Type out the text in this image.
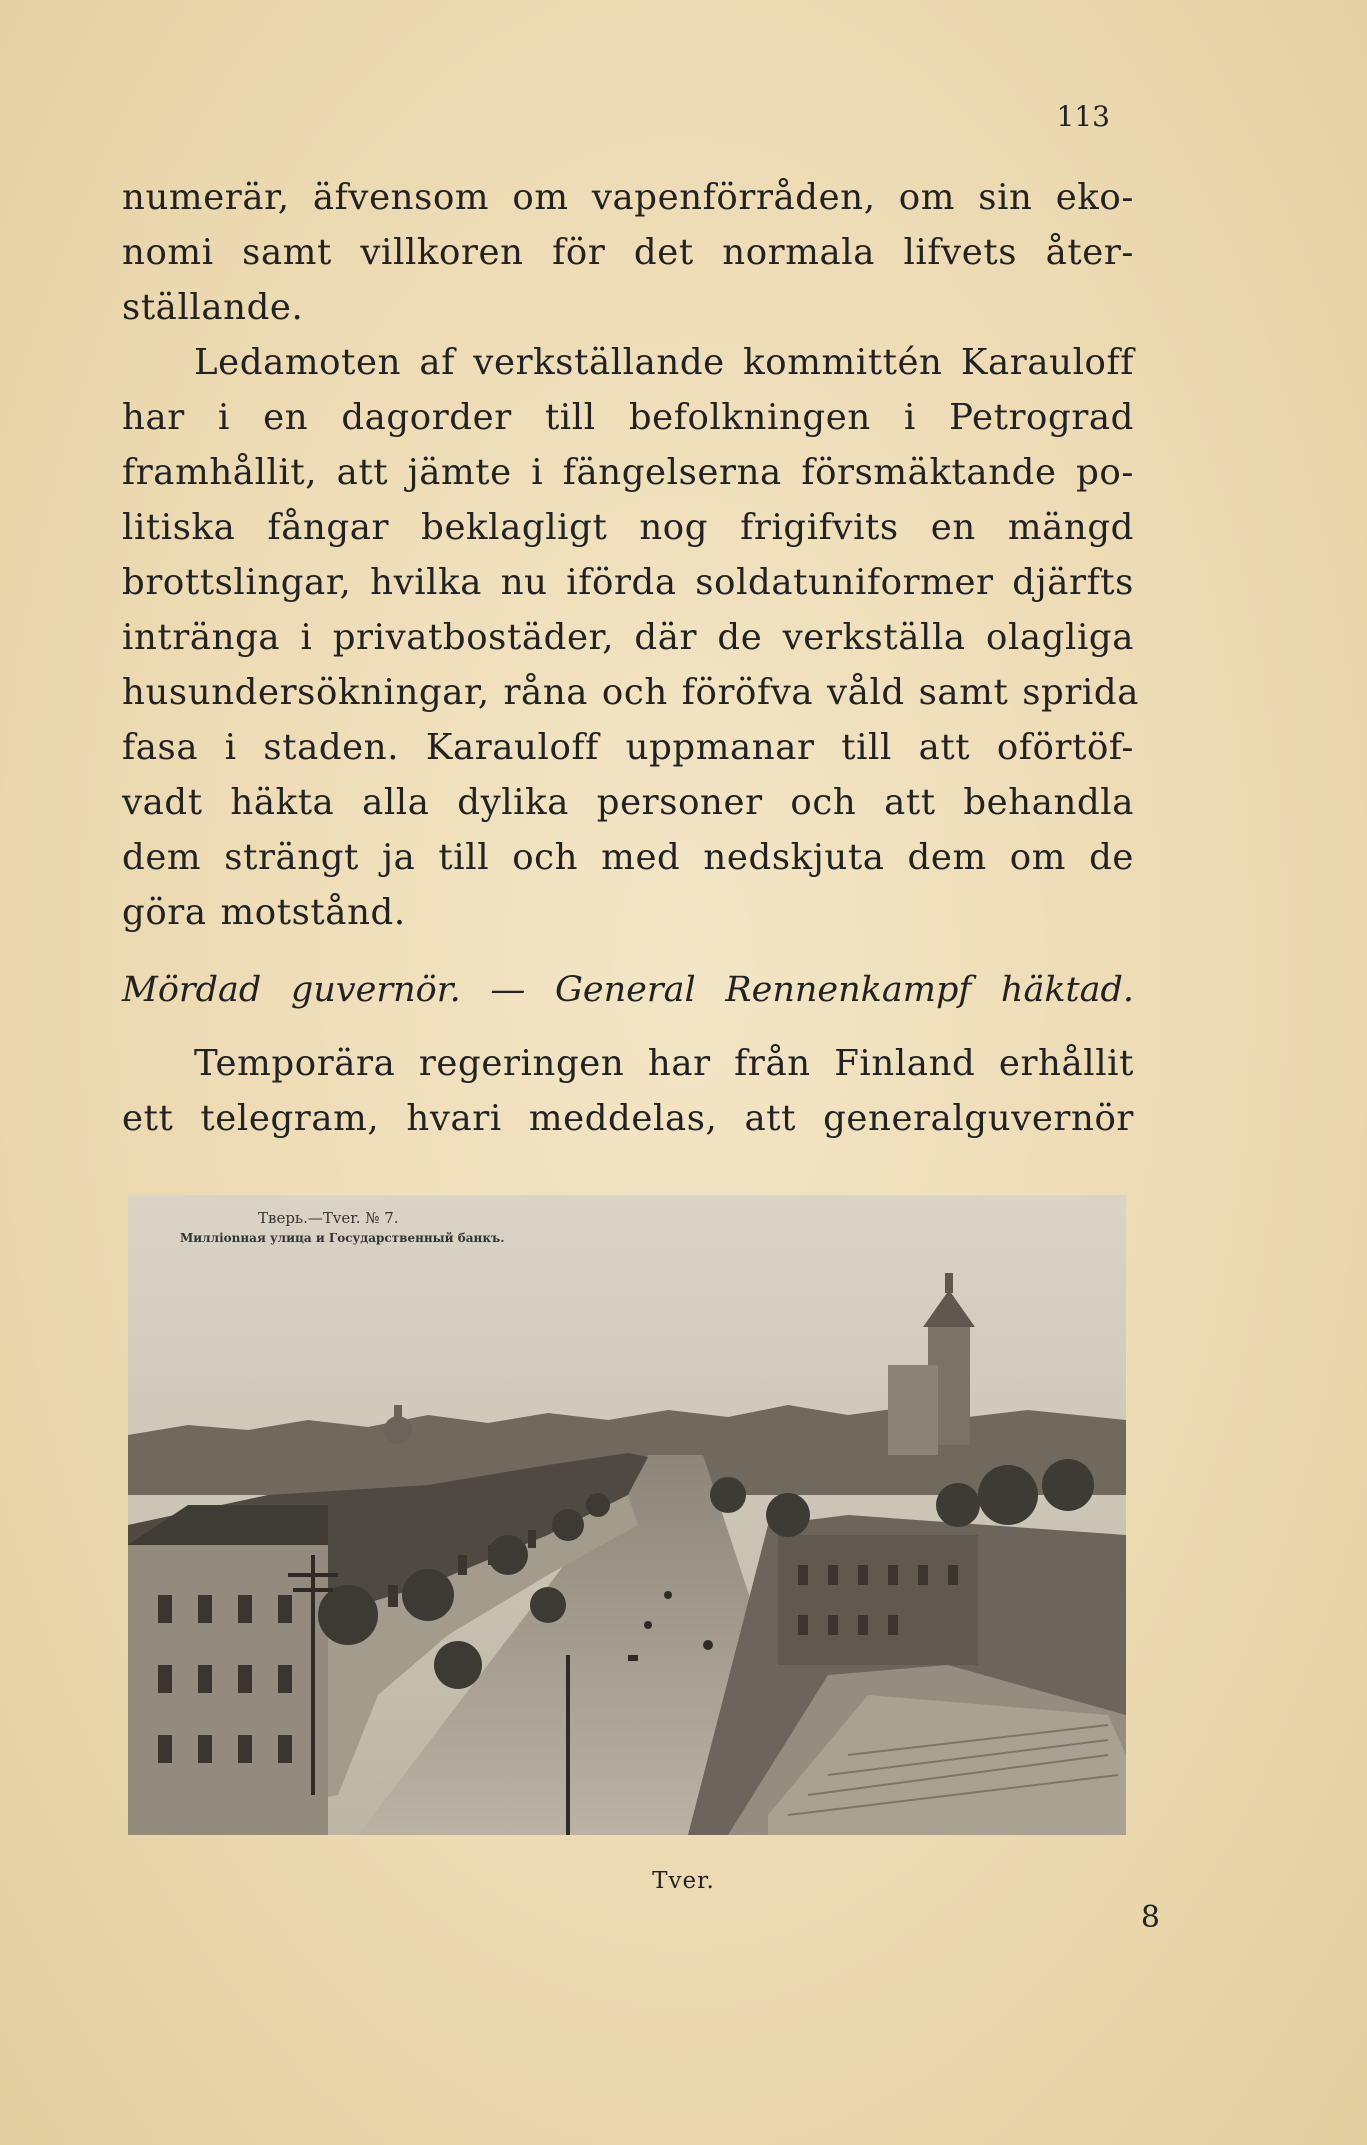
113
numerär, äfvensom om vapenförråden, om sin eko-
nomi samt villkoren för det normala lifvets åter-
ställande.
Ledamoten af verkställande kommittén Karauloff
har i en dagorder till befolkningen i Petrograd
framhållit, att jämte i fängelserna försmäktande po-
litiska fångar beklagligt nog frigifvits en mängd
brottslingar, hvilka nu iförda soldatuniformer djärfts
intränga i privatbostäder, där de verkställa olagliga
husundersökningar, råna och föröfva våld samt sprida
fasa i staden. Karauloff uppmanar till att oförtöf-
vadt häkta alla dylika personer och att behandla
dem strängt ja till och med nedskjuta dem om de
göra motstånd.
Mördad guvernör. — General Rennenkampf häktad.
Temporära regeringen har från Finland erhållit
ett telegram, hvari meddelas, att generalguvernör
Тверь.—Tver. № 7.
Миллionная улица и Государственный банкъ.
Tver.
8
